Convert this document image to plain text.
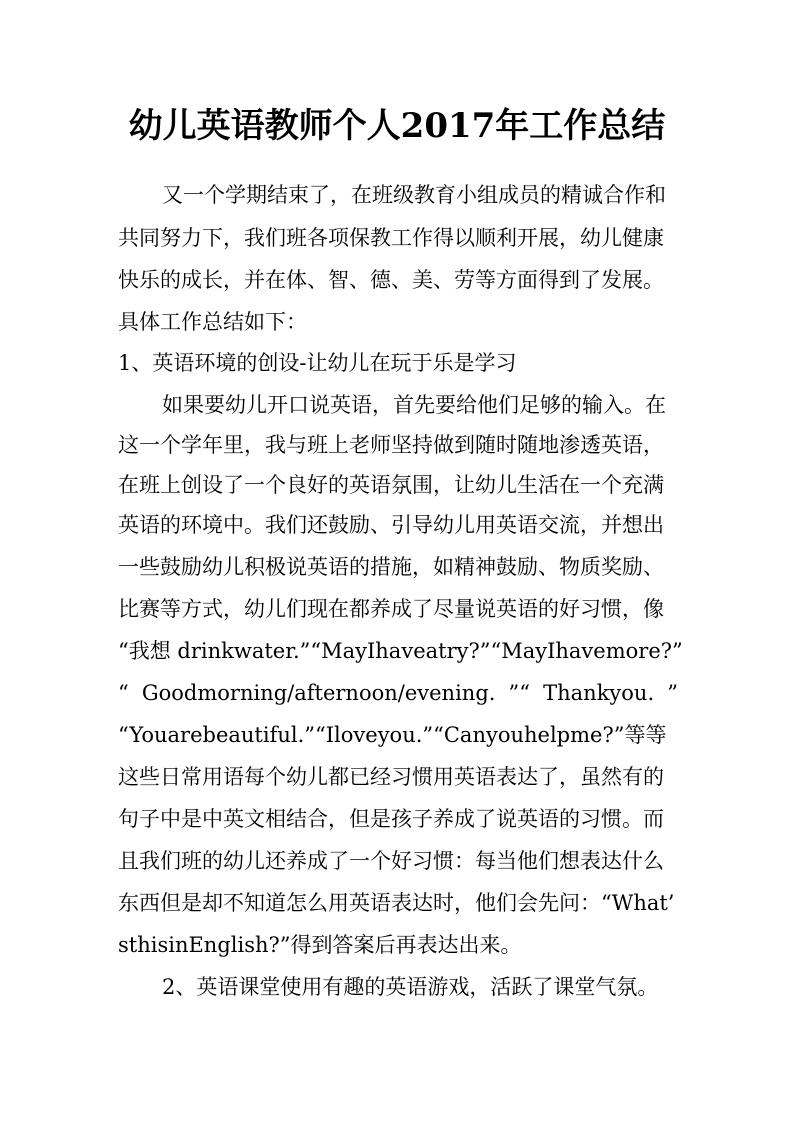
幼儿英语教师个人2017年工作总结
又一个学期结束了，在班级教育小组成员的精诚合作和
共同努力下，我们班各项保教工作得以顺利开展，幼儿健康
快乐的成长，并在体、智、德、美、劳等方面得到了发展。
具体工作总结如下：
1、英语环境的创设-让幼儿在玩于乐是学习
如果要幼儿开口说英语，首先要给他们足够的输入。在
这一个学年里，我与班上老师坚持做到随时随地渗透英语，
在班上创设了一个良好的英语氛围，让幼儿生活在一个充满
英语的环境中。我们还鼓励、引导幼儿用英语交流，并想出
一些鼓励幼儿积极说英语的措施，如精神鼓励、物质奖励、
比赛等方式，幼儿们现在都养成了尽量说英语的好习惯，像
“我想 drinkwater.”“MayIhaveatry?”“MayIhavemore?”
“ Goodmorning/afternoon/evening. ”“ Thankyou. ”
“Youarebeautiful.”“Iloveyou.”“Canyouhelpme?”等等
这些日常用语每个幼儿都已经习惯用英语表达了，虽然有的
句子中是中英文相结合，但是孩子养成了说英语的习惯。而
且我们班的幼儿还养成了一个好习惯：每当他们想表达什么
东西但是却不知道怎么用英语表达时，他们会先问：“What’
sthisinEnglish?”得到答案后再表达出来。
2、英语课堂使用有趣的英语游戏，活跃了课堂气氛。
